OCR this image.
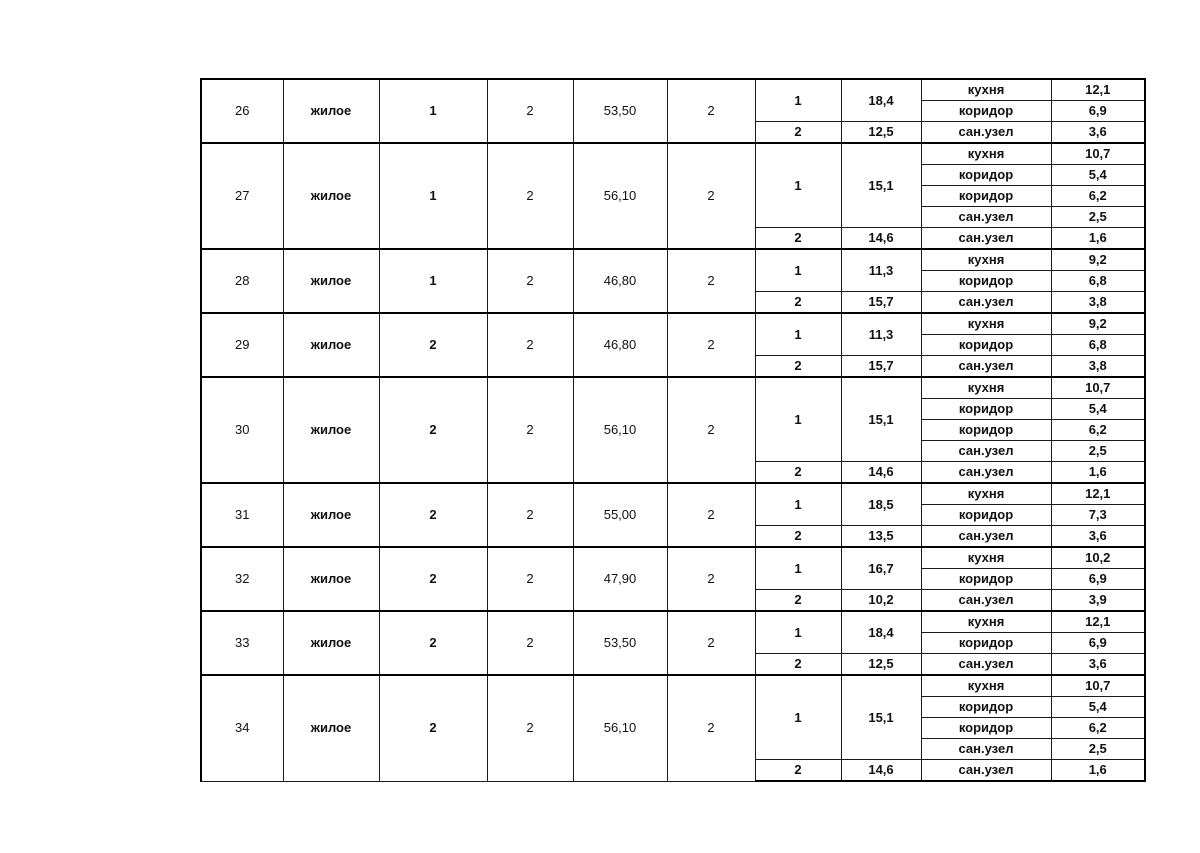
26	жилое	1	2	53,50	2	1	18,4	кухня	12,1
								коридор	6,9
						2	12,5	сан.узел	3,6
27	жилое	1	2	56,10	2	1	15,1	кухня	10,7
								коридор	5,4
								коридор	6,2
								сан.узел	2,5
						2	14,6	сан.узел	1,6
28	жилое	1	2	46,80	2	1	11,3	кухня	9,2
								коридор	6,8
						2	15,7	сан.узел	3,8
29	жилое	2	2	46,80	2	1	11,3	кухня	9,2
								коридор	6,8
						2	15,7	сан.узел	3,8
30	жилое	2	2	56,10	2	1	15,1	кухня	10,7
								коридор	5,4
								коридор	6,2
								сан.узел	2,5
						2	14,6	сан.узел	1,6
31	жилое	2	2	55,00	2	1	18,5	кухня	12,1
								коридор	7,3
						2	13,5	сан.узел	3,6
32	жилое	2	2	47,90	2	1	16,7	кухня	10,2
								коридор	6,9
						2	10,2	сан.узел	3,9
33	жилое	2	2	53,50	2	1	18,4	кухня	12,1
								коридор	6,9
						2	12,5	сан.узел	3,6
34	жилое	2	2	56,10	2	1	15,1	кухня	10,7
								коридор	5,4
								коридор	6,2
								сан.узел	2,5
						2	14,6	сан.узел	1,6
